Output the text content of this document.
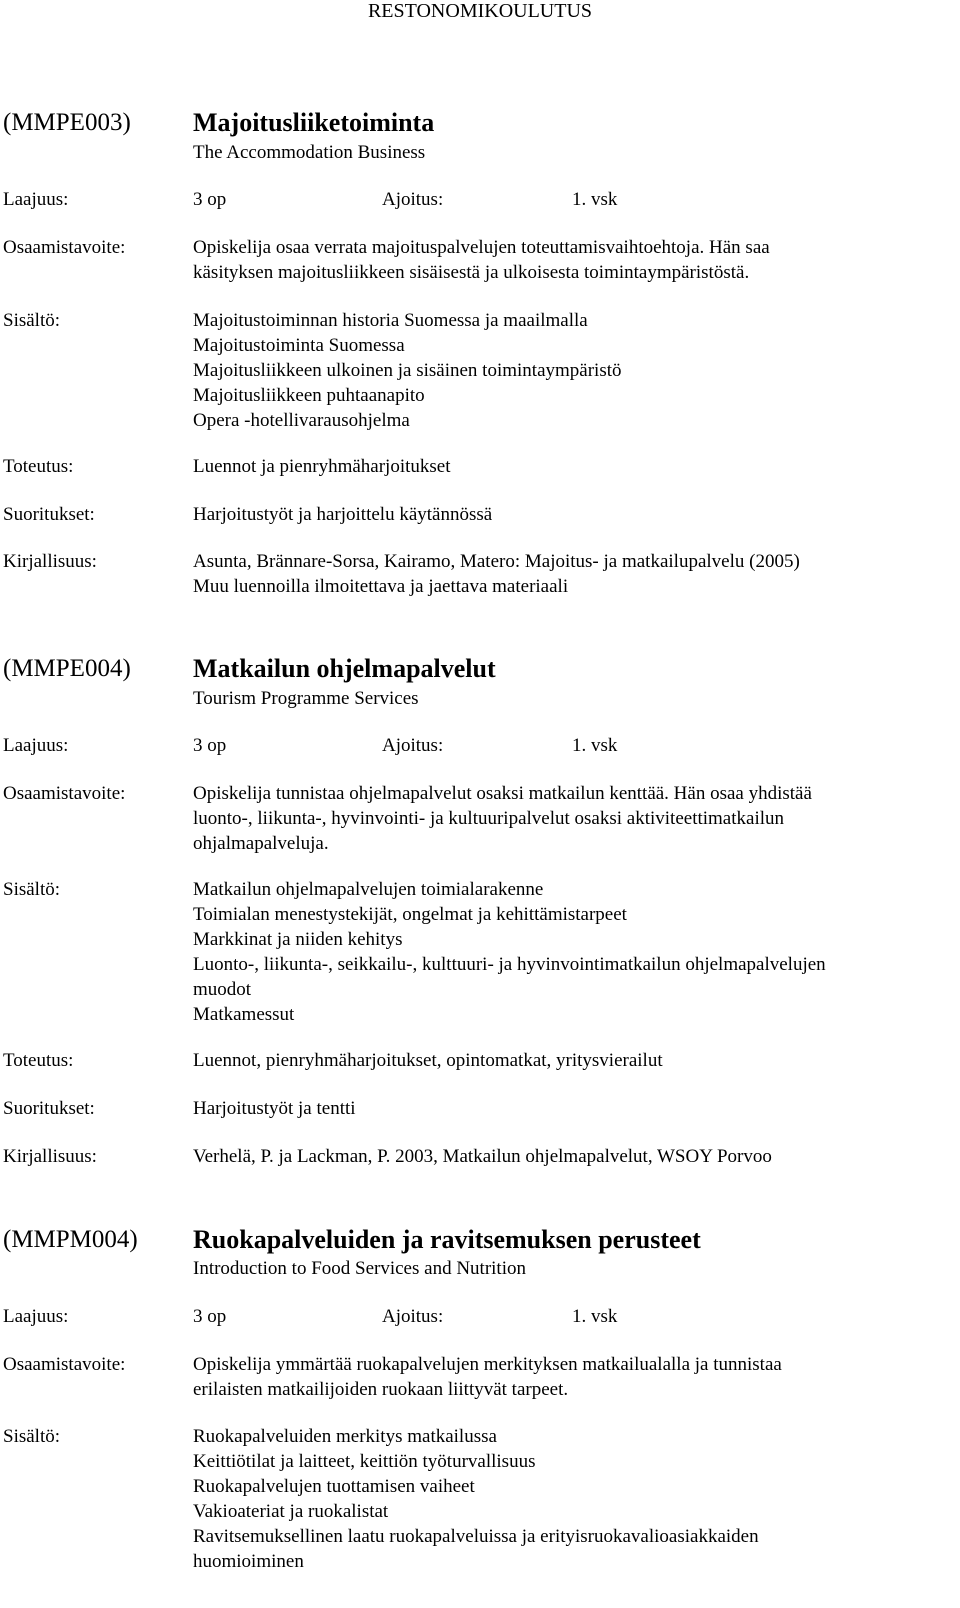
RESTONOMIKOULUTUS
(MMPE003) Majoitusliiketoiminta
The Accommodation Business
Laajuus:	3 op	Ajoitus:	1. vsk
Osaamistavoite:	Opiskelija osaa verrata majoituspalvelujen toteuttamisvaihtoehtoja. Hän saa
käsityksen majoitusliikkeen sisäisestä ja ulkoisesta toimintaympäristöstä.
Sisältö:	Majoitustoiminnan historia Suomessa ja maailmalla
Majoitustoiminta Suomessa
Majoitusliikkeen ulkoinen ja sisäinen toimintaympäristö
Majoitusliikkeen puhtaanapito
Opera -hotellivarausohjelma
Toteutus:	Luennot ja pienryhmäharjoitukset
Suoritukset:	Harjoitustyöt ja harjoittelu käytännössä
Kirjallisuus:	Asunta, Brännare-Sorsa, Kairamo, Matero: Majoitus- ja matkailupalvelu (2005)
Muu luennoilla ilmoitettava ja jaettava materiaali
(MMPE004) Matkailun ohjelmapalvelut
Tourism Programme Services
Laajuus:	3 op	Ajoitus:	1. vsk
Osaamistavoite:	Opiskelija tunnistaa ohjelmapalvelut osaksi matkailun kenttää. Hän osaa yhdistää
luonto-, liikunta-, hyvinvointi- ja kultuuripalvelut osaksi aktiviteettimatkailun
ohjalmapalveluja.
Sisältö:	Matkailun ohjelmapalvelujen toimialarakenne
Toimialan menestystekijät, ongelmat ja kehittämistarpeet
Markkinat ja niiden kehitys
Luonto-, liikunta-, seikkailu-, kulttuuri- ja hyvinvointimatkailun ohjelmapalvelujen
muodot
Matkamessut
Toteutus:	Luennot, pienryhmäharjoitukset, opintomatkat, yritysvierailut
Suoritukset:	Harjoitustyöt ja tentti
Kirjallisuus:	Verhelä, P. ja Lackman, P. 2003, Matkailun ohjelmapalvelut, WSOY Porvoo
(MMPM004) Ruokapalveluiden ja ravitsemuksen perusteet
Introduction to Food Services and Nutrition
Laajuus:	3 op	Ajoitus:	1. vsk
Osaamistavoite:	Opiskelija ymmärtää ruokapalvelujen merkityksen matkailualalla ja tunnistaa
erilaisten matkailijoiden ruokaan liittyvät tarpeet.
Sisältö:	Ruokapalveluiden merkitys matkailussa
Keittiötilat ja laitteet, keittiön työturvallisuus
Ruokapalvelujen tuottamisen vaiheet
Vakioateriat ja ruokalistat
Ravitsemuksellinen laatu ruokapalveluissa ja erityisruokavalioasiakkaiden
huomioiminen
